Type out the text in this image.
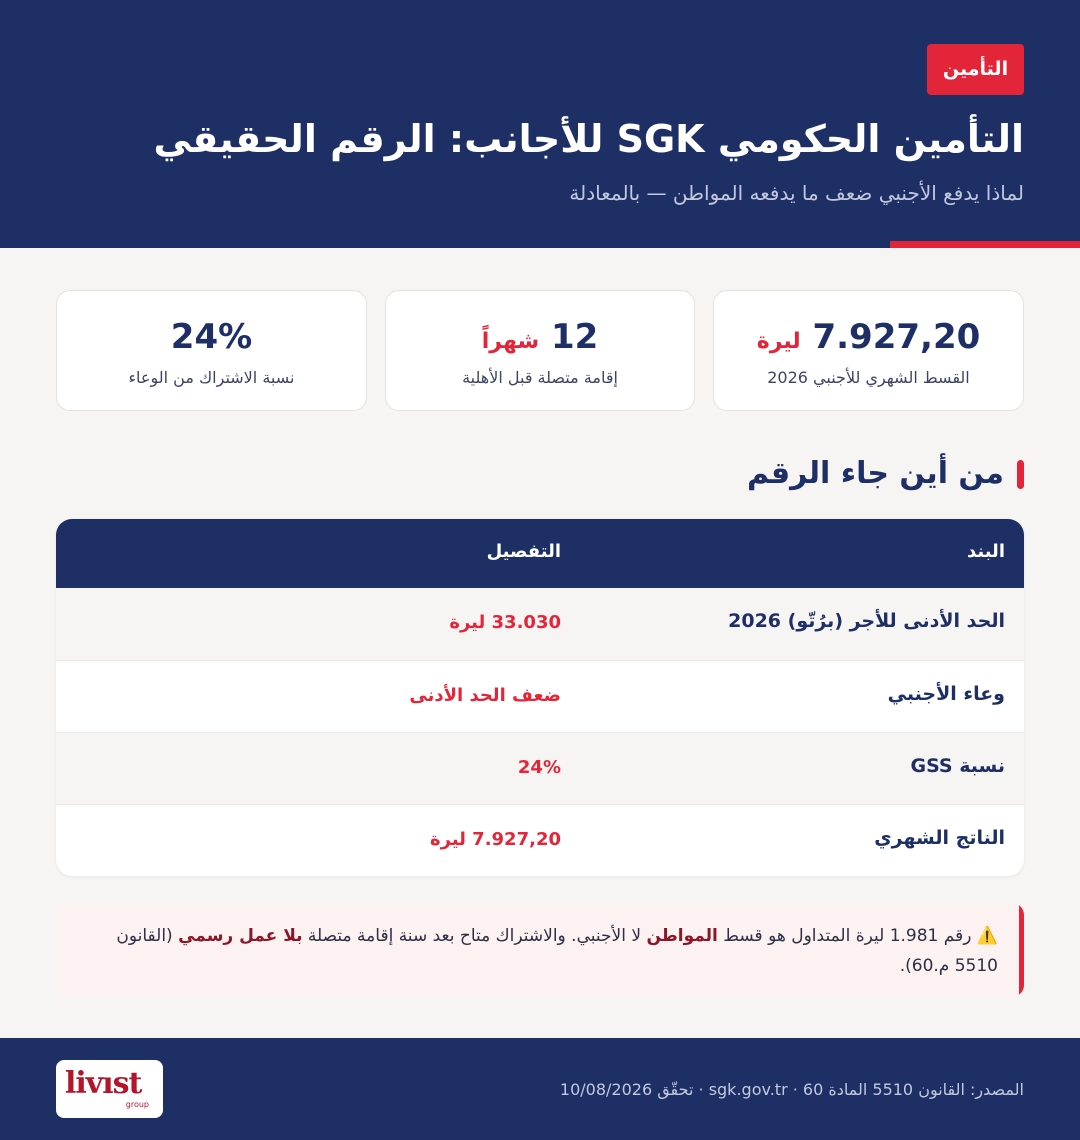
التأمين
التأمين الحكومي SGK للأجانب: الرقم الحقيقي
لماذا يدفع الأجنبي ضعف ما يدفعه المواطن — بالمعادلة
7.927,20 ليرة
القسط الشهري للأجنبي 2026
12 شهراً
إقامة متصلة قبل الأهلية
24%
نسبة الاشتراك من الوعاء
من أين جاء الرقم
البند
التفصيل
الحد الأدنى للأجر (برُتّو) 2026
33.030 ليرة
وعاء الأجنبي
ضعف الحد الأدنى
نسبة GSS
24%
الناتج الشهري
7.927,20 ليرة
⚠️ رقم 1.981 ليرة المتداول هو قسط المواطن لا الأجنبي. والاشتراك متاح بعد سنة إقامة متصلة بلا عمل رسمي (القانون 5510 م.60).
المصدر: القانون 5510 المادة 60 · sgk.gov.tr · تحقّق 10/08/2026
livıst
group
